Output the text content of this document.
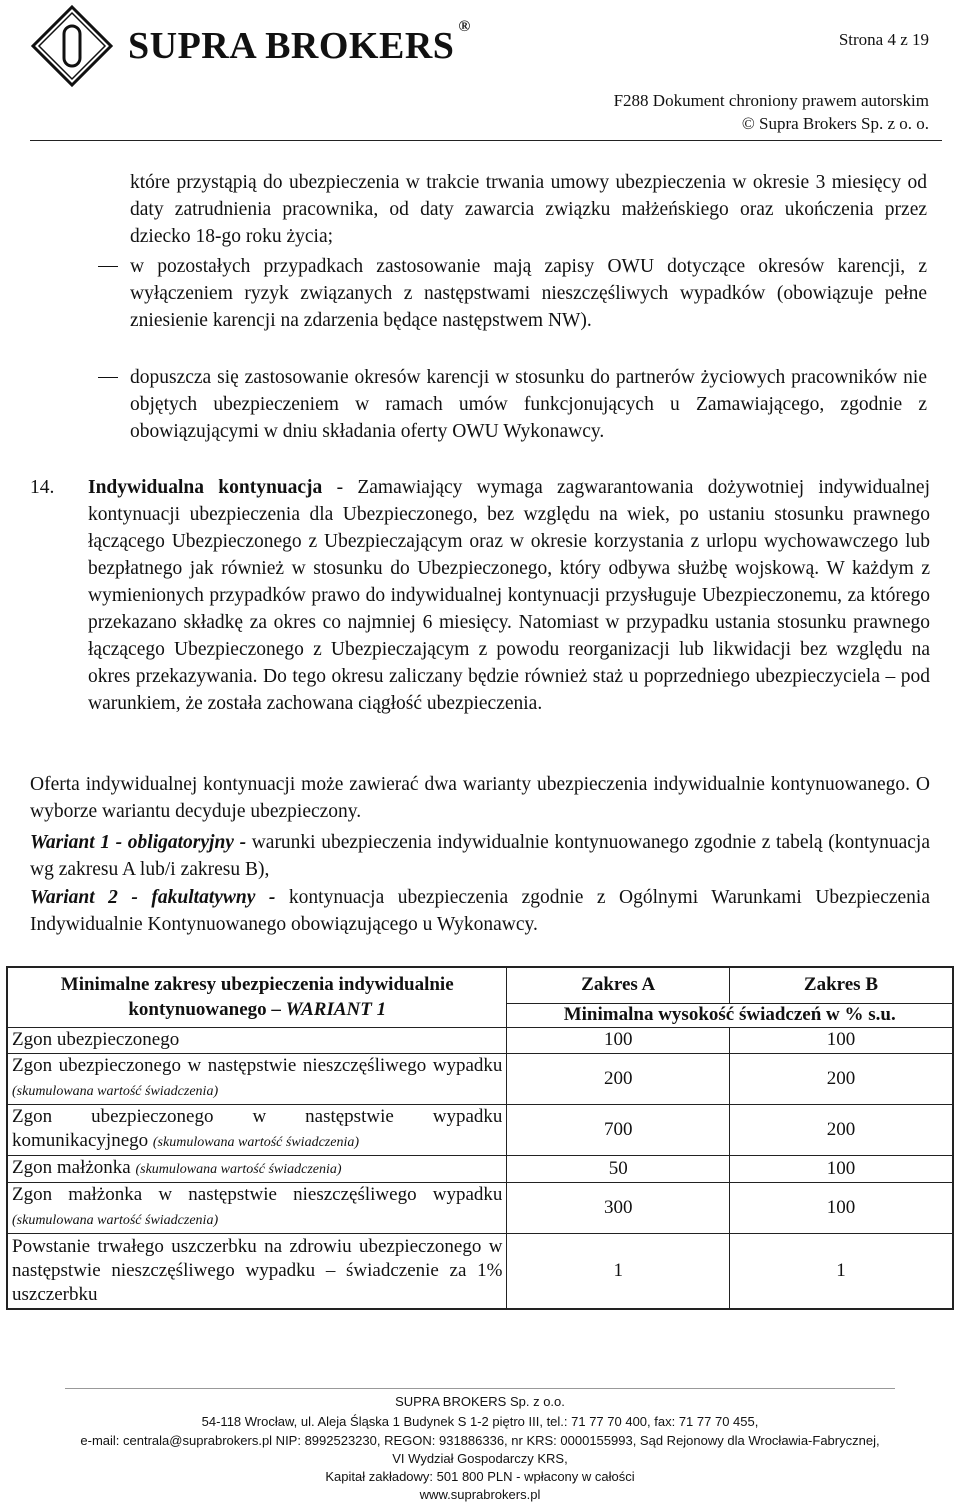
SUPRA BROKERS ®
Strona 4 z 19
F288 Dokument chroniony prawem autorskim
© Supra Brokers Sp. z o. o.
które przystąpią do ubezpieczenia w trakcie trwania umowy ubezpieczenia w okresie 3 miesięcy od daty zatrudnienia pracownika, od daty zawarcia związku małżeńskiego oraz ukończenia przez dziecko 18-go roku życia;
w pozostałych przypadkach zastosowanie mają zapisy OWU dotyczące okresów karencji, z wyłączeniem ryzyk związanych z następstwami nieszczęśliwych wypadków (obowiązuje pełne zniesienie karencji na zdarzenia będące następstwem NW).
dopuszcza się zastosowanie okresów karencji w stosunku do partnerów życiowych pracowników nie objętych ubezpieczeniem w ramach umów funkcjonujących u Zamawiającego, zgodnie z obowiązującymi w dniu składania oferty OWU Wykonawcy.
14. Indywidualna kontynuacja - Zamawiający wymaga zagwarantowania dożywotniej indywidualnej kontynuacji ubezpieczenia dla Ubezpieczonego, bez względu na wiek, po ustaniu stosunku prawnego łączącego Ubezpieczonego z Ubezpieczającym oraz w okresie korzystania z urlopu wychowawczego lub bezpłatnego jak również w stosunku do Ubezpieczonego, który odbywa służbę wojskową. W każdym z wymienionych przypadków prawo do indywidualnej kontynuacji przysługuje Ubezpieczonemu, za którego przekazano składkę za okres co najmniej 6 miesięcy. Natomiast w przypadku ustania stosunku prawnego łączącego Ubezpieczonego z Ubezpieczającym z powodu reorganizacji lub likwidacji bez względu na okres przekazywania. Do tego okresu zaliczany będzie również staż u poprzedniego ubezpieczyciela – pod warunkiem, że została zachowana ciągłość ubezpieczenia.
Oferta indywidualnej kontynuacji może zawierać dwa warianty ubezpieczenia indywidualnie kontynuowanego. O wyborze wariantu decyduje ubezpieczony.
Wariant 1 - obligatoryjny - warunki ubezpieczenia indywidualnie kontynuowanego zgodnie z tabelą (kontynuacja wg zakresu A lub/i zakresu B),
Wariant 2 - fakultatywny - kontynuacja ubezpieczenia zgodnie z Ogólnymi Warunkami Ubezpieczenia Indywidualnie Kontynuowanego obowiązującego u Wykonawcy.
Minimalne zakresy ubezpieczenia indywidualnie
kontynuowanego – WARIANT 1	Zakres A	Zakres B
	Minimalna wysokość świadczeń w % s.u.	
Zgon ubezpieczonego	100	100
Zgon ubezpieczonego w następstwie nieszczęśliwego wypadku (skumulowana wartość świadczenia)	200	200
Zgon ubezpieczonego w następstwie wypadku komunikacyjnego (skumulowana wartość świadczenia)	700	200
Zgon małżonka (skumulowana wartość świadczenia)	50	100
Zgon małżonka w następstwie nieszczęśliwego wypadku (skumulowana wartość świadczenia)	300	100
Powstanie trwałego uszczerbku na zdrowiu ubezpieczonego w następstwie nieszczęśliwego wypadku – świadczenie za 1% uszczerbku	1	1
SUPRA BROKERS Sp. z o.o.
54-118 Wrocław, ul. Aleja Śląska 1 Budynek S 1-2 piętro III, tel.: 71 77 70 400, fax: 71 77 70 455,
e-mail: centrala@suprabrokers.pl NIP: 8992523230, REGON: 931886336, nr KRS: 0000155993, Sąd Rejonowy dla Wrocławia-Fabrycznej,
VI Wydział Gospodarczy KRS,
Kapitał zakładowy: 501 800 PLN - wpłacony w całości
www.suprabrokers.pl
